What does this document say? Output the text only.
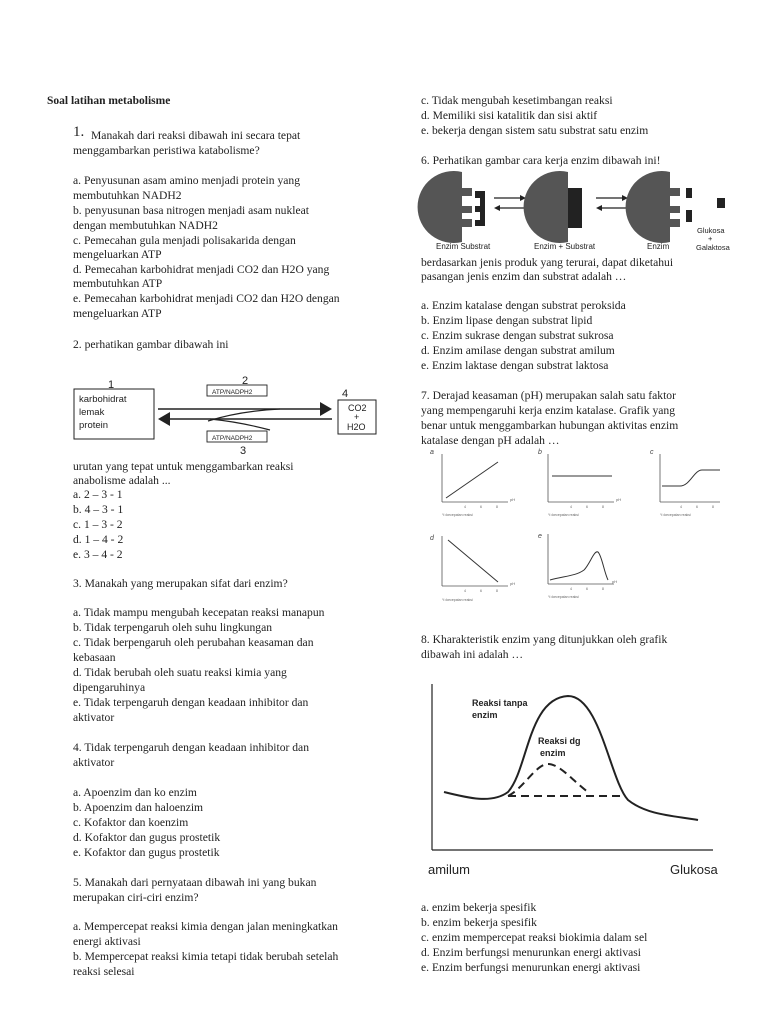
Soal latihan metabolisme
1. Manakah dari reaksi dibawah ini secara tepat
menggambarkan peristiwa katabolisme?
a. Penyusunan asam amino menjadi protein yang
membutuhkan NADH2
b. penyusunan basa nitrogen menjadi asam nukleat
dengan membutuhkan NADH2
c. Pemecahan gula menjadi polisakarida dengan
mengeluarkan ATP
d. Pemecahan karbohidrat menjadi CO2 dan H2O yang
membutuhkan ATP
e. Pemecahan karbohidrat menjadi CO2 dan H2O dengan
mengeluarkan ATP
2. perhatikan gambar dibawah ini
1	2
4
3
karbohidrat
lemak
protein
ATP/NADPH2
ATP/NADPH2
CO2
+
H2O
urutan yang tepat untuk menggambarkan reaksi
anabolisme adalah ...
a. 2 – 3 - 1
b. 4 – 3 - 1
c. 1 – 3 - 2
d. 1 – 4 - 2
e. 3 – 4 - 2
3. Manakah yang merupakan sifat dari enzim?
a. Tidak mampu mengubah kecepatan reaksi manapun
b. Tidak terpengaruh oleh suhu lingkungan
c. Tidak berpengaruh oleh perubahan keasaman dan
kebasaan
d. Tidak berubah oleh suatu reaksi kimia yang
dipengaruhinya
e. Tidak terpengaruh dengan keadaan inhibitor dan
aktivator
4. Tidak terpengaruh dengan keadaan inhibitor dan
aktivator
a. Apoenzim dan ko enzim
b. Apoenzim dan haloenzim
c. Kofaktor dan koenzim
d. Kofaktor dan gugus prostetik
e. Kofaktor dan gugus prostetik
5. Manakah dari pernyataan dibawah ini yang bukan
merupakan ciri-ciri enzim?
a. Mempercepat reaksi kimia dengan jalan meningkatkan
energi aktivasi
b. Mempercepat reaksi kimia tetapi tidak berubah setelah
reaksi selesai
c. Tidak mengubah kesetimbangan reaksi
d. Memiliki sisi katalitik dan sisi aktif
e. bekerja dengan sistem satu substrat satu enzim
6. Perhatikan gambar cara kerja enzim dibawah ini!
Enzim Substrat	Enzim + Substrat	Enzim
Glukosa
+
Galaktosa
berdasarkan jenis produk yang terurai, dapat diketahui
pasangan jenis enzim dan substrat adalah …
a. Enzim katalase dengan substrat peroksida
b. Enzim lipase dengan substrat lipid
c. Enzim sukrase dengan substrat sukrosa
d. Enzim amilase dengan substrat amilum
e. Enzim laktase dengan substrat laktosa
7. Derajad keasaman (pH) merupakan salah satu faktor
yang mempengaruhi kerja enzim katalase. Grafik yang
benar untuk menggambarkan hubungan aktivitas enzim
katalase dengan pH adalah …
a
pH
4	6	8
Y=kecepatan reaksi
b
pH
4	6	8
Y=kecepatan reaksi
c
4	6	8
Y=kecepatan reaksi
d
pH
4	6	8
Y=kecepatan reaksi
e
pH
4	6	8
Y=kecepatan reaksi
8. Kharakteristik enzim yang ditunjukkan oleh grafik
dibawah ini adalah …
Reaksi tanpa
enzim
Reaksi dg
enzim
amilum	Glukosa
a. enzim bekerja spesifik
b. enzim bekerja spesifik
c. enzim mempercepat reaksi biokimia dalam sel
d. Enzim berfungsi menurunkan energi aktivasi
e. Enzim berfungsi menurunkan energi aktivasi
